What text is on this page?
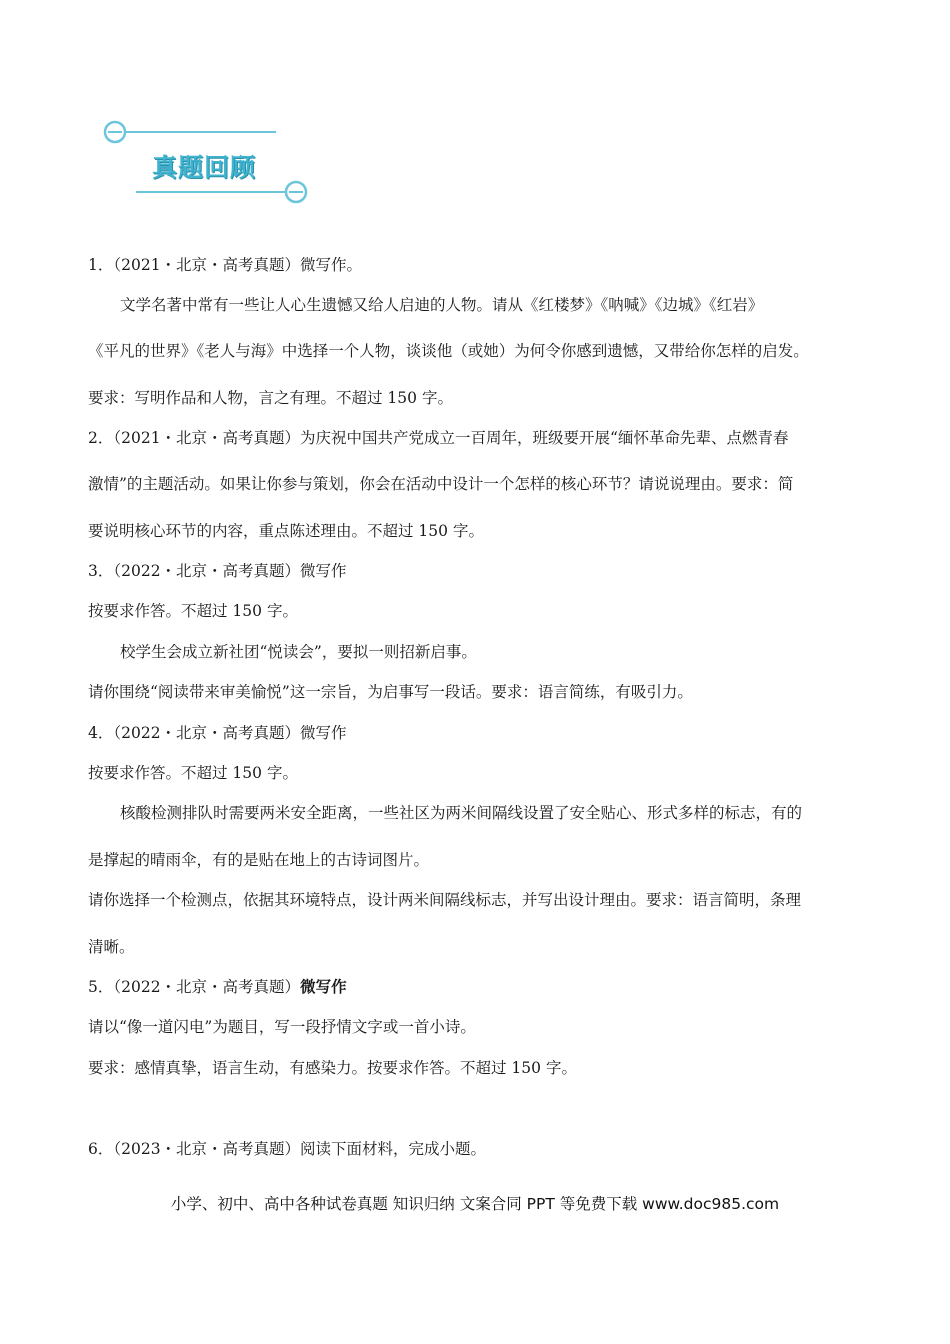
真题回顾
1．（2021・北京・高考真题）微写作。
文学名著中常有一些让人心生遗憾又给人启迪的人物。请从《红楼梦》《呐喊》《边城》《红岩》
《平凡的世界》《老人与海》中选择一个人物，谈谈他（或她）为何令你感到遗憾，又带给你怎样的启发。
要求：写明作品和人物，言之有理。不超过 150 字。
2．（2021・北京・高考真题）为庆祝中国共产党成立一百周年，班级要开展“缅怀革命先辈、点燃青春
激情”的主题活动。如果让你参与策划，你会在活动中设计一个怎样的核心环节？请说说理由。要求：简
要说明核心环节的内容，重点陈述理由。不超过 150 字。
3．（2022・北京・高考真题）微写作
按要求作答。不超过 150 字。
校学生会成立新社团“悦读会”，要拟一则招新启事。
请你围绕“阅读带来审美愉悦”这一宗旨，为启事写一段话。要求：语言简练，有吸引力。
4．（2022・北京・高考真题）微写作
按要求作答。不超过 150 字。
核酸检测排队时需要两米安全距离，一些社区为两米间隔线设置了安全贴心、形式多样的标志，有的
是撑起的晴雨伞，有的是贴在地上的古诗词图片。
请你选择一个检测点，依据其环境特点，设计两米间隔线标志，并写出设计理由。要求：语言简明，条理
清晰。
5．（2022・北京・高考真题）微写作
请以“像一道闪电”为题目，写一段抒情文字或一首小诗。
要求：感情真挚，语言生动，有感染力。按要求作答。不超过 150 字。
6．（2023・北京・高考真题）阅读下面材料，完成小题。
小学、初中、高中各种试卷真题 知识归纳 文案合同 PPT 等免费下载 www.doc985.com
